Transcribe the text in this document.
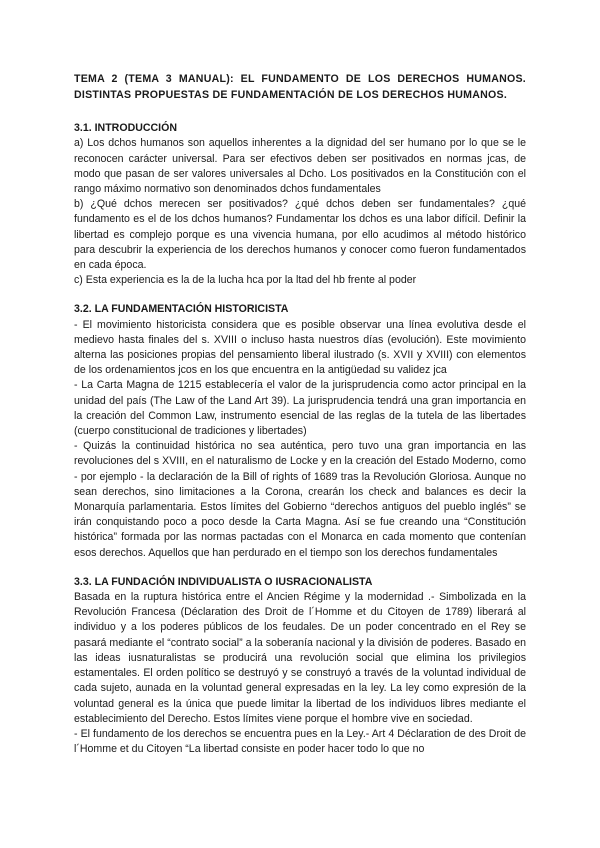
TEMA 2 (TEMA 3 MANUAL): EL FUNDAMENTO DE LOS DERECHOS HUMANOS. DISTINTAS PROPUESTAS DE FUNDAMENTACIÓN DE LOS DERECHOS HUMANOS.

3.1. INTRODUCCIÓN

a) Los dchos humanos son aquellos inherentes a la dignidad del ser humano por lo que se le reconocen carácter universal. Para ser efectivos deben ser positivados en normas jcas, de modo que pasan de ser valores universales al Dcho. Los positivados en la Constitución con el rango máximo normativo son denominados dchos fundamentales

b) ¿Qué dchos merecen ser positivados? ¿qué dchos deben ser fundamentales? ¿qué fundamento es el de los dchos humanos? Fundamentar los dchos es una labor difícil. Definir la libertad es complejo porque es una vivencia humana, por ello acudimos al método histórico para descubrir la experiencia de los derechos humanos y conocer como fueron fundamentados en cada época.

c) Esta experiencia es la de la lucha hca por la ltad del hb frente al poder

3.2. LA FUNDAMENTACIÓN HISTORICISTA

- El movimiento historicista considera que es posible observar una línea evolutiva desde el medievo hasta finales del s. XVIII o incluso hasta nuestros días (evolución). Este movimiento alterna las posiciones propias del pensamiento liberal ilustrado (s. XVII y XVIII) con elementos de los ordenamientos jcos en los que encuentra en la antigüedad su validez jca

- La Carta Magna de 1215 establecería el valor de la jurisprudencia como actor principal en la unidad del país (The Law of the Land Art 39). La jurisprudencia tendrá una gran importancia en la creación del Common Law, instrumento esencial de las reglas de la tutela de las libertades (cuerpo constitucional de tradiciones y libertades)

- Quizás la continuidad histórica no sea auténtica, pero tuvo una gran importancia en las revoluciones del s XVIII, en el naturalismo de Locke y en la creación del Estado Moderno, como - por ejemplo - la declaración de la Bill of rights of 1689 tras la Revolución Gloriosa. Aunque no sean derechos, sino limitaciones a la Corona, crearán los check and balances es decir la Monarquía parlamentaria. Estos límites del Gobierno “derechos antiguos del pueblo inglés” se irán conquistando poco a poco desde la Carta Magna. Así se fue creando una “Constitución histórica” formada por las normas pactadas con el Monarca en cada momento que contenían esos derechos. Aquellos que han perdurado en el tiempo son los derechos fundamentales

3.3. LA FUNDACIÓN INDIVIDUALISTA O IUSRACIONALISTA

Basada en la ruptura histórica entre el Ancien Régime y la modernidad .- Simbolizada en la Revolución Francesa (Déclaration des Droit de l´Homme et du Citoyen de 1789) liberará al individuo y a los poderes públicos de los feudales. De un poder concentrado en el Rey se pasará mediante el “contrato social” a la soberanía nacional y la división de poderes. Basado en las ideas iusnaturalistas se producirá una revolución social que elimina los privilegios estamentales. El orden político se destruyó y se construyó a través de la voluntad individual de cada sujeto, aunada en la voluntad general expresadas en la ley. La ley como expresión de la voluntad general es la única que puede limitar la libertad de los individuos libres mediante el establecimiento del Derecho. Estos límites viene porque el hombre vive en sociedad.

- El fundamento de los derechos se encuentra pues en la Ley.- Art 4 Déclaration de des Droit de l´Homme et du Citoyen “La libertad consiste en poder hacer todo lo que no
